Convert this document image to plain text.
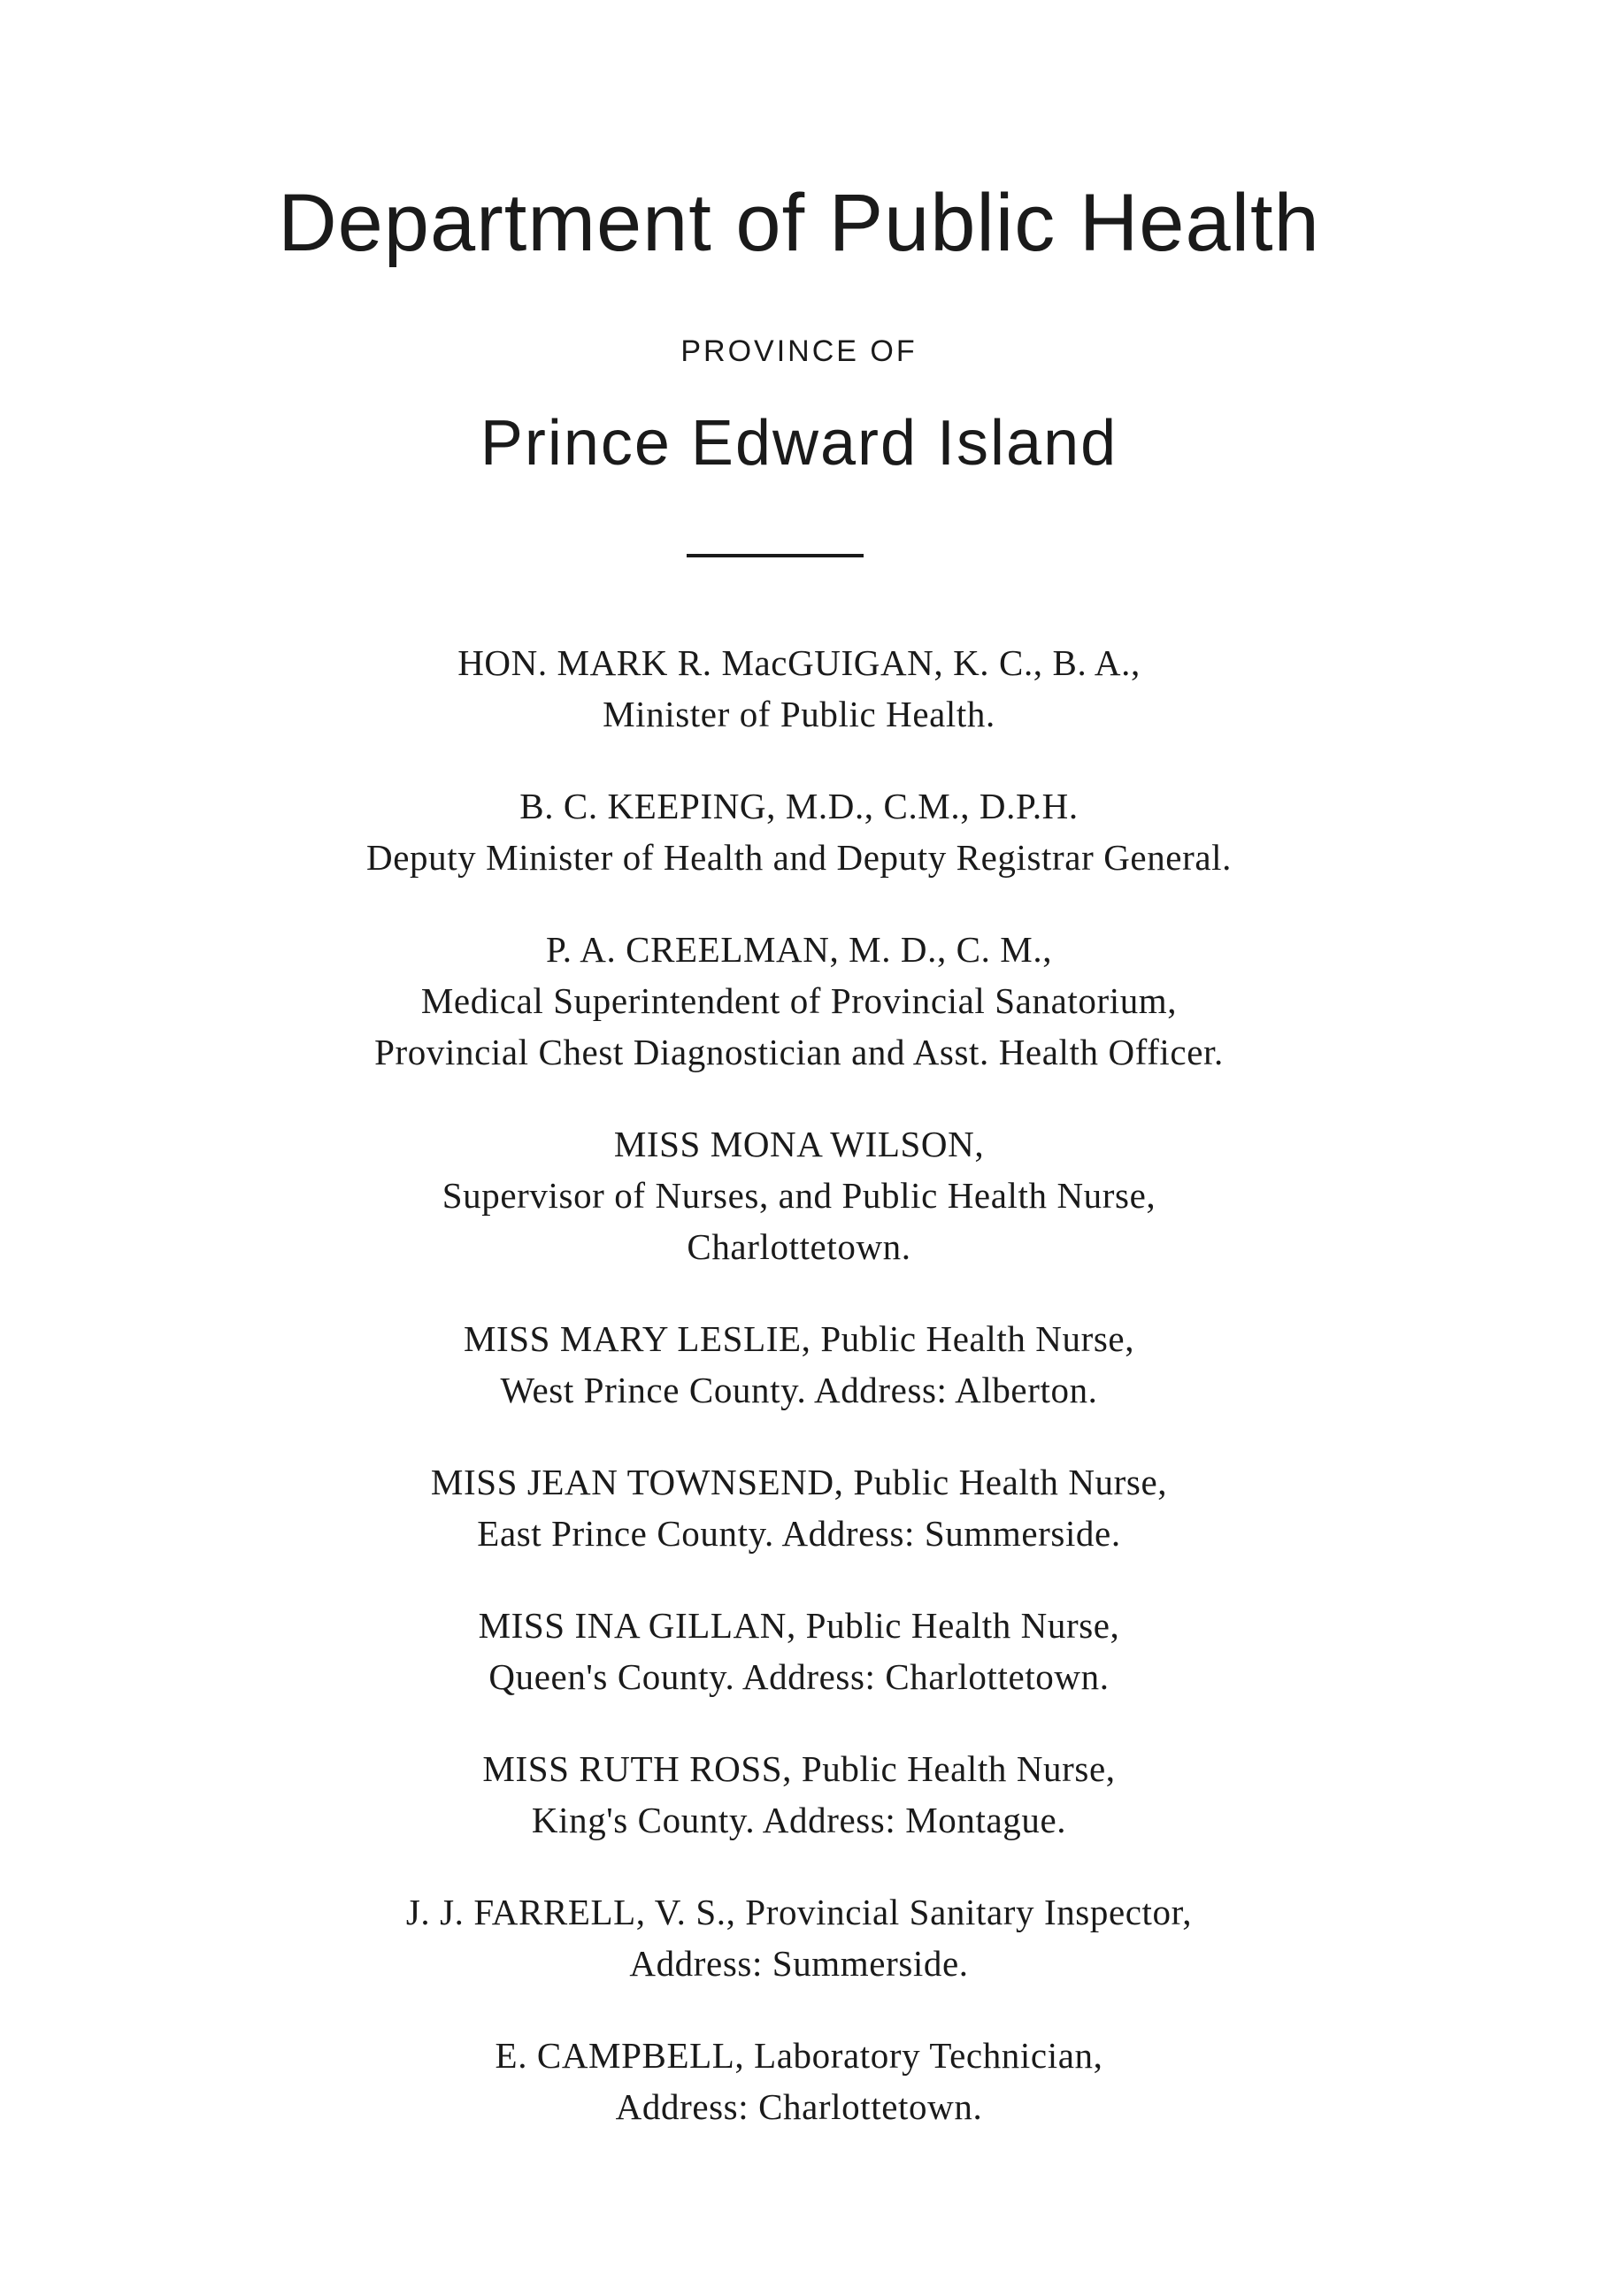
Department of Public Health
PROVINCE OF
Prince Edward Island
HON. MARK R. MacGUIGAN, K. C., B. A.,
Minister of Public Health.
B. C. KEEPING, M.D., C.M., D.P.H.
Deputy Minister of Health and Deputy Registrar General.
P. A. CREELMAN, M. D., C. M.,
Medical Superintendent of Provincial Sanatorium,
Provincial Chest Diagnostician and Asst. Health Officer.
MISS MONA WILSON,
Supervisor of Nurses, and Public Health Nurse,
Charlottetown.
MISS MARY LESLIE, Public Health Nurse,
West Prince County. Address: Alberton.
MISS JEAN TOWNSEND, Public Health Nurse,
East Prince County. Address: Summerside.
MISS INA GILLAN, Public Health Nurse,
Queen's County. Address: Charlottetown.
MISS RUTH ROSS, Public Health Nurse,
King's County. Address: Montague.
J. J. FARRELL, V. S., Provincial Sanitary Inspector,
Address: Summerside.
E. CAMPBELL, Laboratory Technician,
Address: Charlottetown.
